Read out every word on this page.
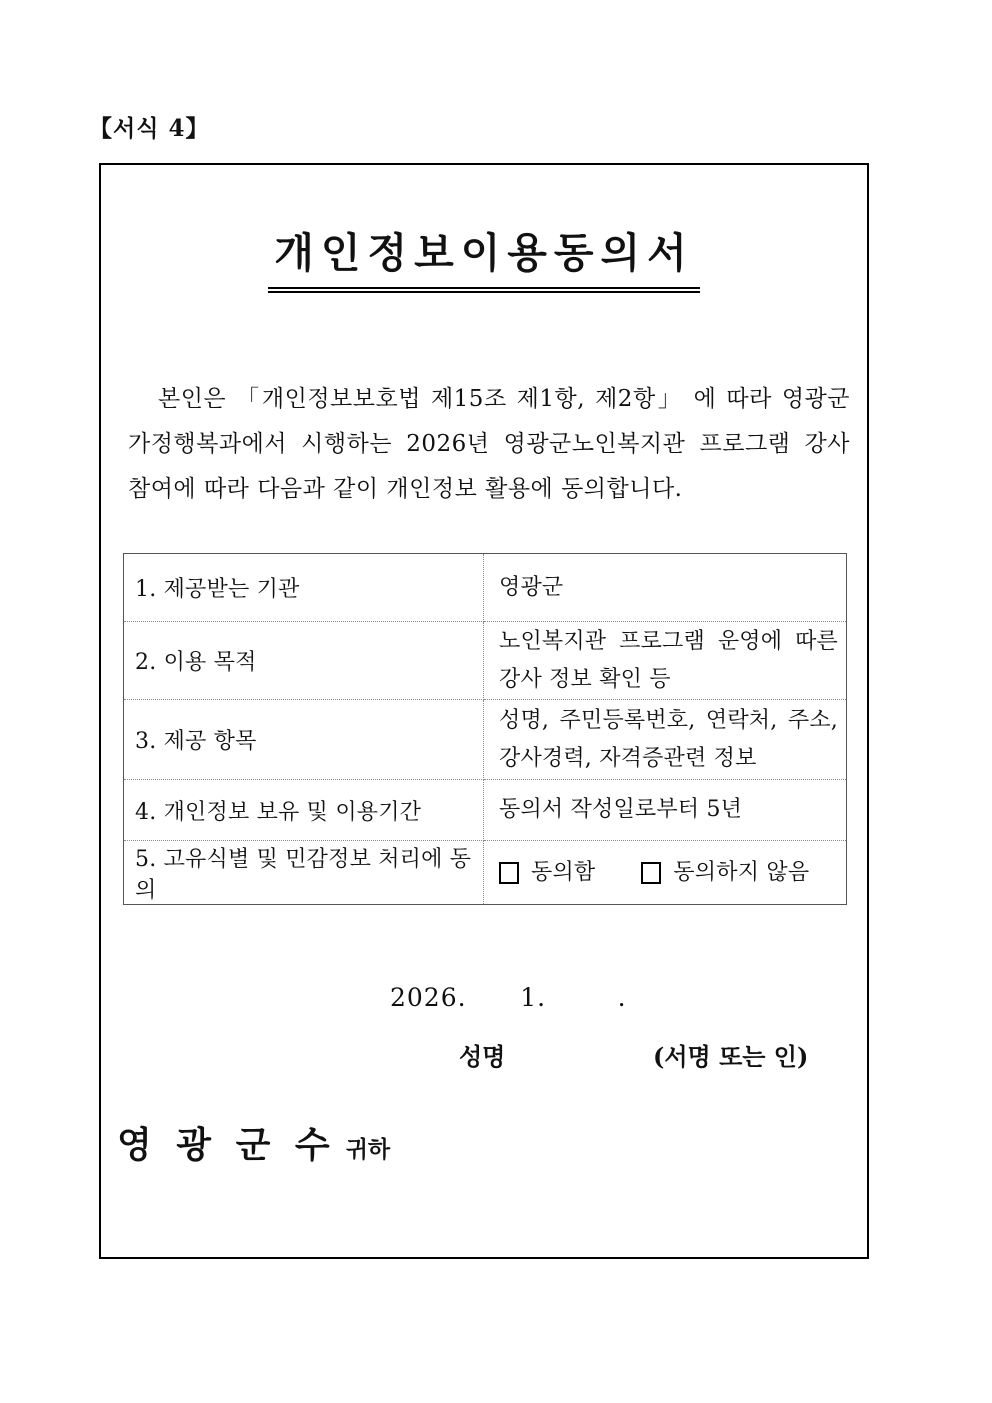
【서식 4】
개인정보이용동의서

본인은 「개인정보보호법 제15조 제1항, 제2항」 에 따라 영광군 가정행복과에서 시행하는 2026년 영광군노인복지관 프로그램 강사 참여에 따라 다음과 같이 개인정보 활용에 동의합니다.

1. 제공받는 기관	영광군
2. 이용 목적	노인복지관 프로그램 운영에 따른 강사 정보 확인 등
3. 제공 항목	성명, 주민등록번호, 연락처, 주소, 강사경력, 자격증관련 정보
4. 개인정보 보유 및 이용기간	동의서 작성일로부터 5년
5. 고유식별 및 민감정보 처리에 동의	동의함 동의하지 않음
2026.      1.        .
성명	(서명 또는 인)
영 광 군 수 귀하
